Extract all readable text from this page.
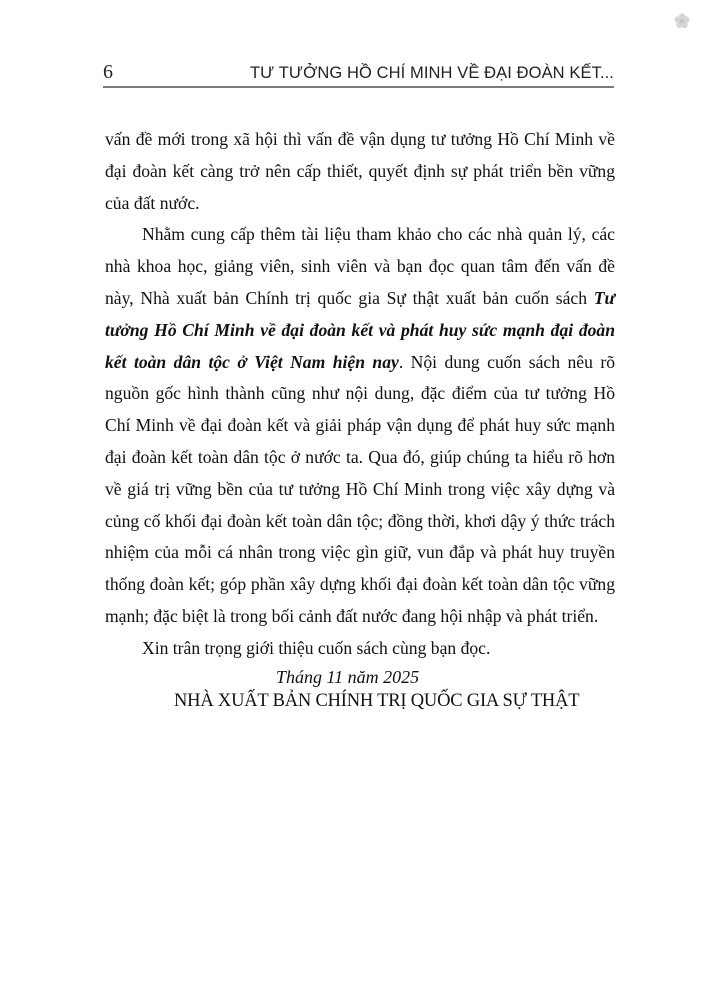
6	TƯ TƯỞNG HỒ CHÍ MINH VỀ ĐẠI ĐOÀN KẾT...

vấn đề mới trong xã hội thì vấn đề vận dụng tư tưởng Hồ Chí Minh về đại đoàn kết càng trở nên cấp thiết, quyết định sự phát triển bền vững của đất nước.

Nhằm cung cấp thêm tài liệu tham khảo cho các nhà quản lý, các nhà khoa học, giảng viên, sinh viên và bạn đọc quan tâm đến vấn đề này, Nhà xuất bản Chính trị quốc gia Sự thật xuất bản cuốn sách Tư tưởng Hồ Chí Minh về đại đoàn kết và phát huy sức mạnh đại đoàn kết toàn dân tộc ở Việt Nam hiện nay. Nội dung cuốn sách nêu rõ nguồn gốc hình thành cũng như nội dung, đặc điểm của tư tưởng Hồ Chí Minh về đại đoàn kết và giải pháp vận dụng để phát huy sức mạnh đại đoàn kết toàn dân tộc ở nước ta. Qua đó, giúp chúng ta hiểu rõ hơn về giá trị vững bền của tư tưởng Hồ Chí Minh trong việc xây dựng và củng cố khối đại đoàn kết toàn dân tộc; đồng thời, khơi dậy ý thức trách nhiệm của mỗi cá nhân trong việc gìn giữ, vun đắp và phát huy truyền thống đoàn kết; góp phần xây dựng khối đại đoàn kết toàn dân tộc vững mạnh; đặc biệt là trong bối cảnh đất nước đang hội nhập và phát triển.

Xin trân trọng giới thiệu cuốn sách cùng bạn đọc.

Tháng 11 năm 2025
NHÀ XUẤT BẢN CHÍNH TRỊ QUỐC GIA SỰ THẬT
